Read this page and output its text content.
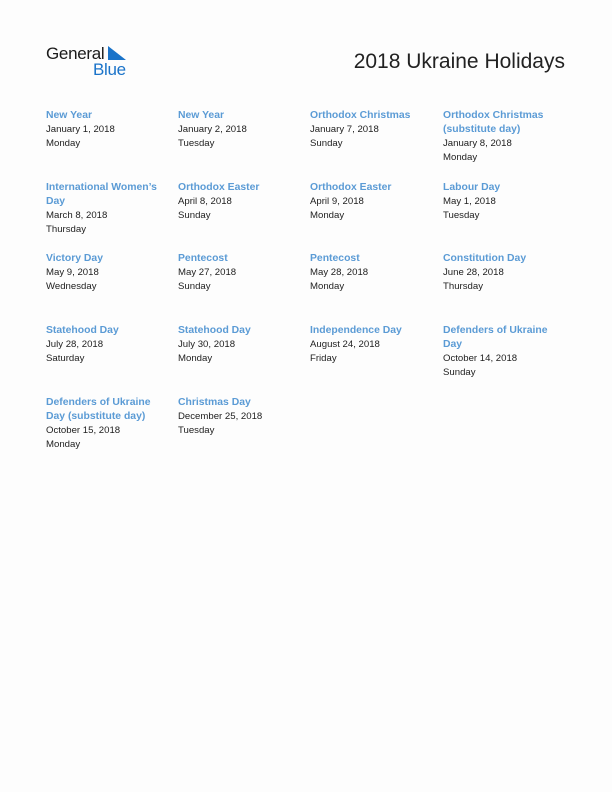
General
Blue	2018 Ukraine Holidays
New Year
January 1, 2018
Monday
New Year
January 2, 2018
Tuesday
Orthodox Christmas
January 7, 2018
Sunday
Orthodox Christmas (substitute day)
January 8, 2018
Monday
International Women’s Day
March 8, 2018
Thursday
Orthodox Easter
April 8, 2018
Sunday
Orthodox Easter
April 9, 2018
Monday
Labour Day
May 1, 2018
Tuesday
Victory Day
May 9, 2018
Wednesday
Pentecost
May 27, 2018
Sunday
Pentecost
May 28, 2018
Monday
Constitution Day
June 28, 2018
Thursday
Statehood Day
July 28, 2018
Saturday
Statehood Day
July 30, 2018
Monday
Independence Day
August 24, 2018
Friday
Defenders of Ukraine Day
October 14, 2018
Sunday
Defenders of Ukraine Day (substitute day)
October 15, 2018
Monday
Christmas Day
December 25, 2018
Tuesday
